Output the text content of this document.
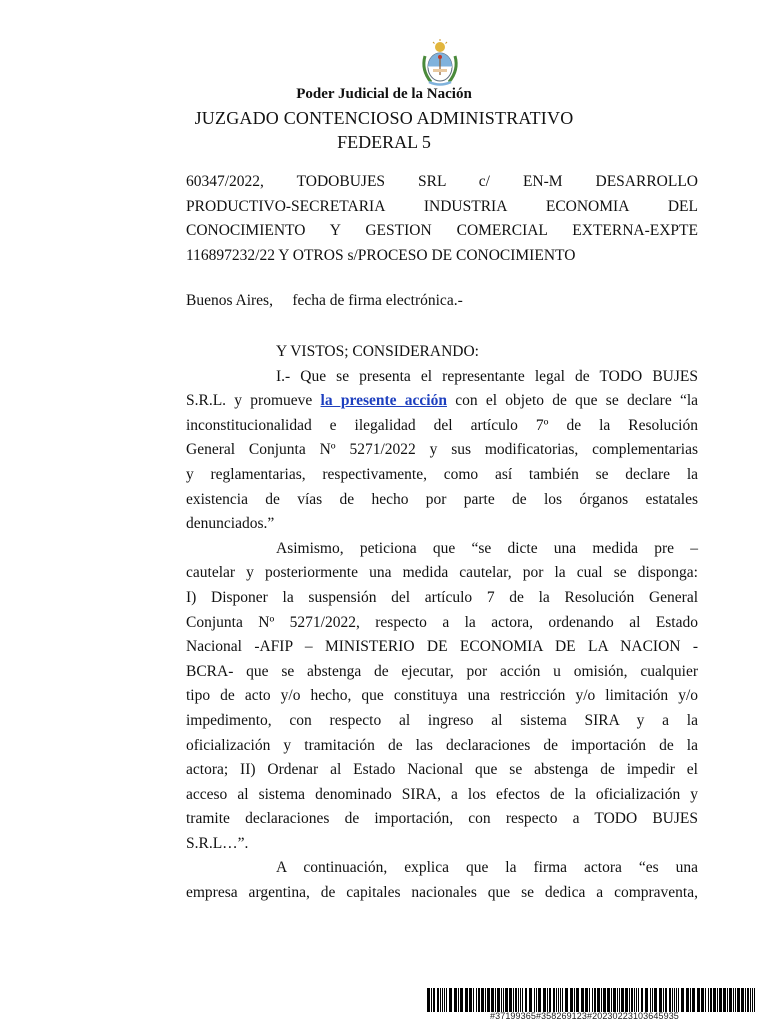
Poder Judicial de la Nación
JUZGADO CONTENCIOSO ADMINISTRATIVO
FEDERAL 5
60347/2022, TODOBUJES SRL c/ EN-M DESARROLLO
PRODUCTIVO-SECRETARIA INDUSTRIA ECONOMIA DEL
CONOCIMIENTO Y GESTION COMERCIAL EXTERNA-EXPTE
116897232/22 Y OTROS s/PROCESO DE CONOCIMIENTO
Buenos Aires,     fecha de firma electrónica.-
Y VISTOS; CONSIDERANDO:
I.- Que se presenta el representante legal de TODO BUJES
S.R.L. y promueve la presente acción con el objeto de que se declare “la
inconstitucionalidad e ilegalidad del artículo 7º de la Resolución
General Conjunta Nº 5271/2022 y sus modificatorias, complementarias
y reglamentarias, respectivamente, como así también se declare la
existencia de vías de hecho por parte de los órganos estatales
denunciados.”
Asimismo, peticiona que “se dicte una medida pre –
cautelar y posteriormente una medida cautelar, por la cual se disponga:
I) Disponer la suspensión del artículo 7 de la Resolución General
Conjunta Nº 5271/2022, respecto a la actora, ordenando al Estado
Nacional -AFIP – MINISTERIO DE ECONOMIA DE LA NACION -
BCRA- que se abstenga de ejecutar, por acción u omisión, cualquier
tipo de acto y/o hecho, que constituya una restricción y/o limitación y/o
impedimento, con respecto al ingreso al sistema SIRA y a la
oficialización y tramitación de las declaraciones de importación de la
actora; II) Ordenar al Estado Nacional que se abstenga de impedir el
acceso al sistema denominado SIRA, a los efectos de la oficialización y
tramite declaraciones de importación, con respecto a TODO BUJES
S.R.L…”.
A continuación, explica que la firma actora “es una
empresa argentina, de capitales nacionales que se dedica a compraventa,
#37199365#358269123#20230223103645935
